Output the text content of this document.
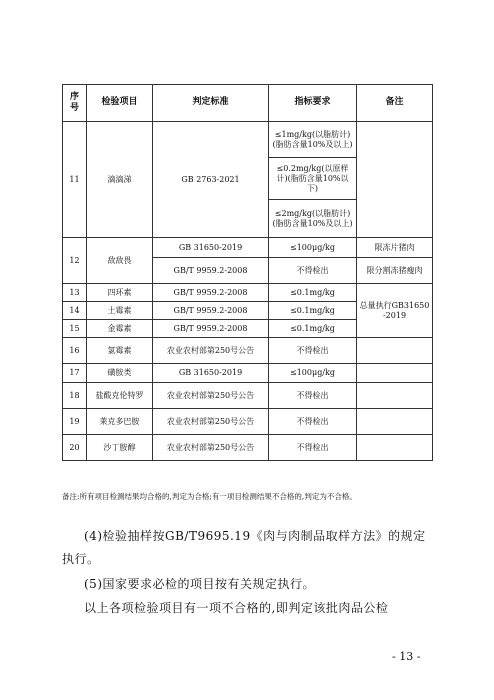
序
号	检验项目	判定标准	指标要求	备注
11	滴滴涕	GB 2763-2021	≤1mg/kg(以脂肪计)(脂肪含量10%及以上)	
			≤0.2mg/kg(以原样计)(脂肪含量10%以下)	
			≤2mg/kg(以脂肪计)(脂肪含量10%及以上)	
12	敌敌畏	GB 31650-2019	≤100μg/kg	限冻片猪肉
		GB/T 9959.2-2008	不得检出	限分割冻猪瘦肉
13	四环素	GB/T 9959.2-2008	≤0.1mg/kg	总量执行GB31650-2019
14	土霉素	GB/T 9959.2-2008	≤0.1mg/kg	
15	金霉素	GB/T 9959.2-2008	≤0.1mg/kg	
16	氯霉素	农业农村部第250号公告	不得检出	
17	磺胺类	GB 31650-2019	≤100μg/kg	
18	盐酸克伦特罗	农业农村部第250号公告	不得检出	
19	莱克多巴胺	农业农村部第250号公告	不得检出	
20	沙丁胺醇	农业农村部第250号公告	不得检出	
备注:所有项目检测结果均合格的,判定为合格;有一项目检测结果不合格的,判定为不合格。
(4)检验抽样按GB/T9695.19《肉与肉制品取样方法》的规定执行。
(5)国家要求必检的项目按有关规定执行。
以上各项检验项目有一项不合格的,即判定该批肉品公检
- 13 -
